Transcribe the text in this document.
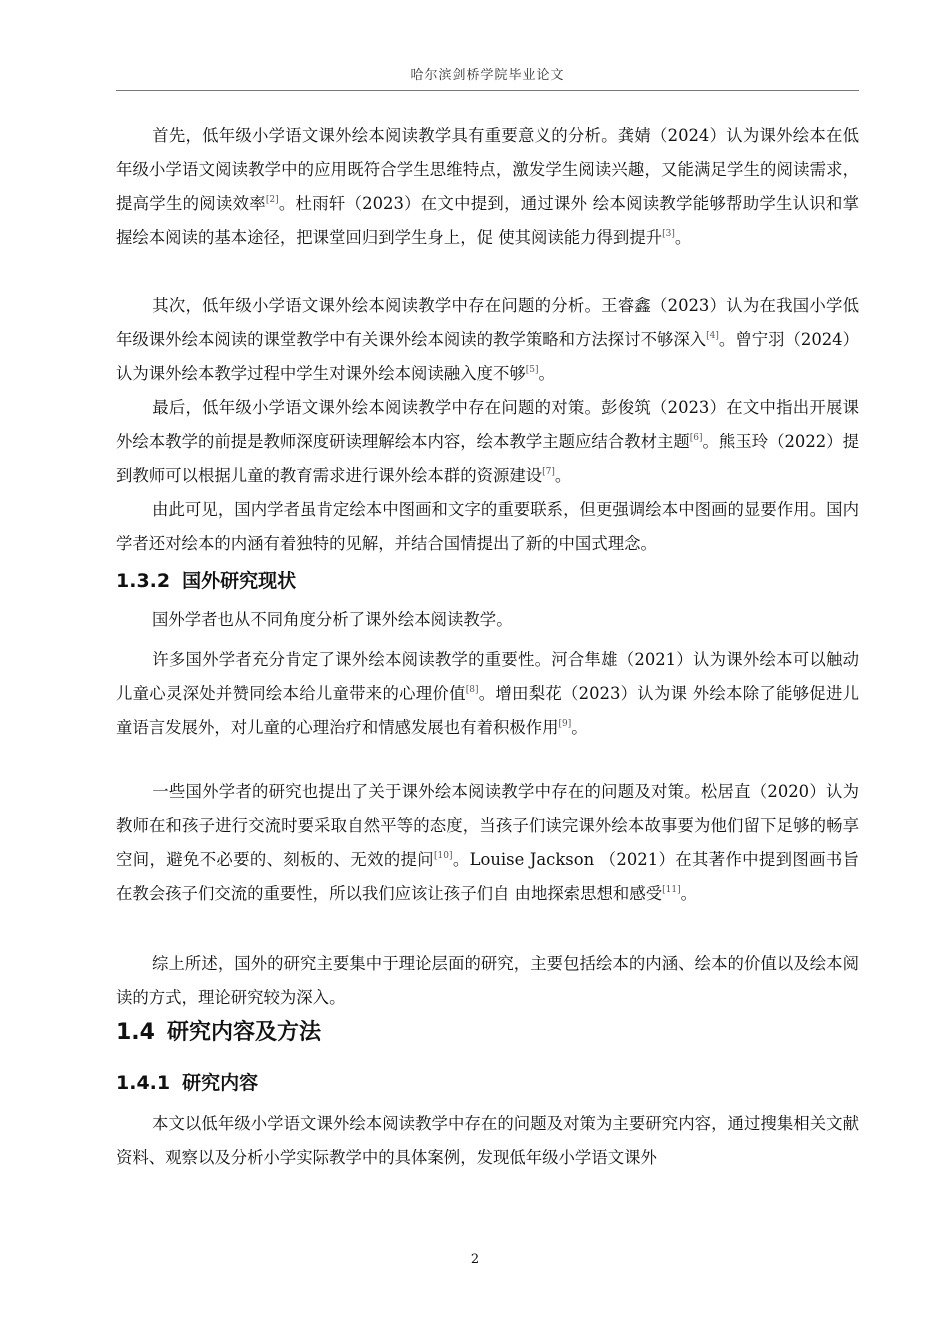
哈尔滨剑桥学院毕业论文

首先，低年级小学语文课外绘本阅读教学具有重要意义的分析。龚婧（2024）认为课外绘本在低年级小学语文阅读教学中的应用既符合学生思维特点，激发学生阅读兴趣，又能满足学生的阅读需求，提高学生的阅读效率[2]。杜雨轩（2023）在文中提到，通过课外 绘本阅读教学能够帮助学生认识和掌握绘本阅读的基本途径，把课堂回归到学生身上，促 使其阅读能力得到提升[3]。

其次，低年级小学语文课外绘本阅读教学中存在问题的分析。王睿鑫（2023）认为在我国小学低年级课外绘本阅读的课堂教学中有关课外绘本阅读的教学策略和方法探讨不够深入[4]。曾宁羽（2024）认为课外绘本教学过程中学生对课外绘本阅读融入度不够[5]。

最后，低年级小学语文课外绘本阅读教学中存在问题的对策。彭俊筑（2023）在文中指出开展课外绘本教学的前提是教师深度研读理解绘本内容，绘本教学主题应结合教材主题[6]。熊玉玲（2022）提到教师可以根据儿童的教育需求进行课外绘本群的资源建设[7]。

由此可见，国内学者虽肯定绘本中图画和文字的重要联系，但更强调绘本中图画的显要作用。国内学者还对绘本的内涵有着独特的见解，并结合国情提出了新的中国式理念。

1.3.2 国外研究现状

国外学者也从不同角度分析了课外绘本阅读教学。

许多国外学者充分肯定了课外绘本阅读教学的重要性。河合隼雄（2021）认为课外绘本可以触动儿童心灵深处并赞同绘本给儿童带来的心理价值[8]。增田梨花（2023）认为课 外绘本除了能够促进儿童语言发展外，对儿童的心理治疗和情感发展也有着积极作用[9]。

一些国外学者的研究也提出了关于课外绘本阅读教学中存在的问题及对策。松居直（2020）认为教师在和孩子进行交流时要采取自然平等的态度，当孩子们读完课外绘本故事要为他们留下足够的畅享空间，避免不必要的、刻板的、无效的提问[10]。Louise Jackson （2021）在其著作中提到图画书旨在教会孩子们交流的重要性，所以我们应该让孩子们自 由地探索思想和感受[11]。

综上所述，国外的研究主要集中于理论层面的研究，主要包括绘本的内涵、绘本的价值以及绘本阅读的方式，理论研究较为深入。

1.4 研究内容及方法
1.4.1 研究内容

本文以低年级小学语文课外绘本阅读教学中存在的问题及对策为主要研究内容，通过搜集相关文献资料、观察以及分析小学实际教学中的具体案例，发现低年级小学语文课外

2
